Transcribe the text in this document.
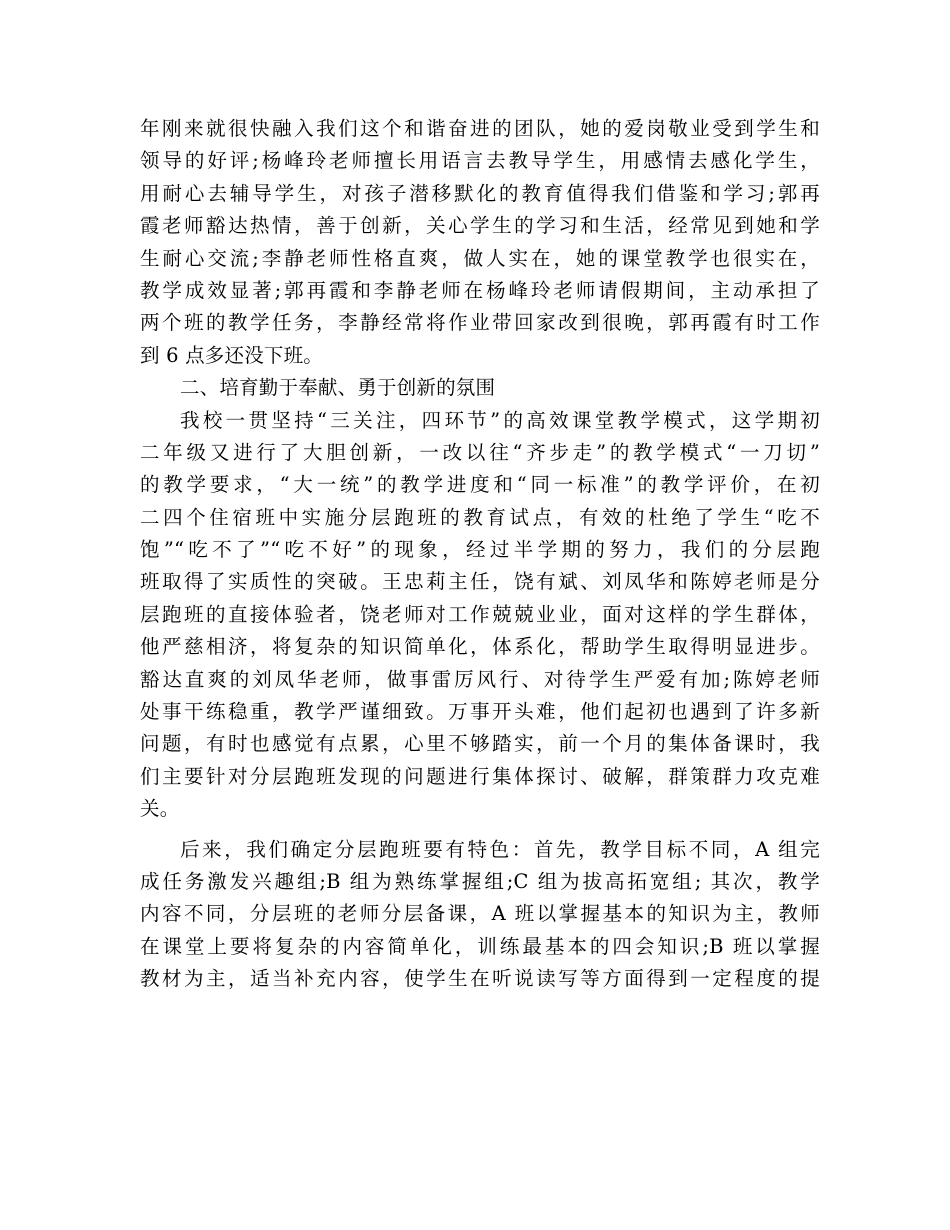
年刚来就很快融入我们这个和谐奋进的团队，她的爱岗敬业受到学生和
领导的好评;杨峰玲老师擅长用语言去教导学生，用感情去感化学生，
用耐心去辅导学生，对孩子潜移默化的教育值得我们借鉴和学习;郭再
霞老师豁达热情，善于创新，关心学生的学习和生活，经常见到她和学
生耐心交流;李静老师性格直爽，做人实在，她的课堂教学也很实在，
教学成效显著;郭再霞和李静老师在杨峰玲老师请假期间，主动承担了
两个班的教学任务，李静经常将作业带回家改到很晚，郭再霞有时工作
到 6 点多还没下班。
二、培育勤于奉献、勇于创新的氛围
我校一贯坚持“三关注，四环节”的高效课堂教学模式，这学期初
二年级又进行了大胆创新，一改以往“齐步走”的教学模式“一刀切”
的教学要求，“大一统”的教学进度和“同一标准”的教学评价，在初
二四个住宿班中实施分层跑班的教育试点，有效的杜绝了学生“吃不
饱”“吃不了”“吃不好”的现象，经过半学期的努力，我们的分层跑
班取得了实质性的突破。王忠莉主任，饶有斌、刘凤华和陈婷老师是分
层跑班的直接体验者，饶老师对工作兢兢业业，面对这样的学生群体，
他严慈相济，将复杂的知识简单化，体系化，帮助学生取得明显进步。
豁达直爽的刘凤华老师，做事雷厉风行、对待学生严爱有加;陈婷老师
处事干练稳重，教学严谨细致。万事开头难，他们起初也遇到了许多新
问题，有时也感觉有点累，心里不够踏实，前一个月的集体备课时，我
们主要针对分层跑班发现的问题进行集体探讨、破解，群策群力攻克难
关。
后来，我们确定分层跑班要有特色：首先，教学目标不同，A 组完
成任务激发兴趣组;B 组为熟练掌握组;C 组为拔高拓宽组; 其次，教学
内容不同，分层班的老师分层备课，A 班以掌握基本的知识为主，教师
在课堂上要将复杂的内容简单化，训练最基本的四会知识;B 班以掌握
教材为主，适当补充内容，使学生在听说读写等方面得到一定程度的提
